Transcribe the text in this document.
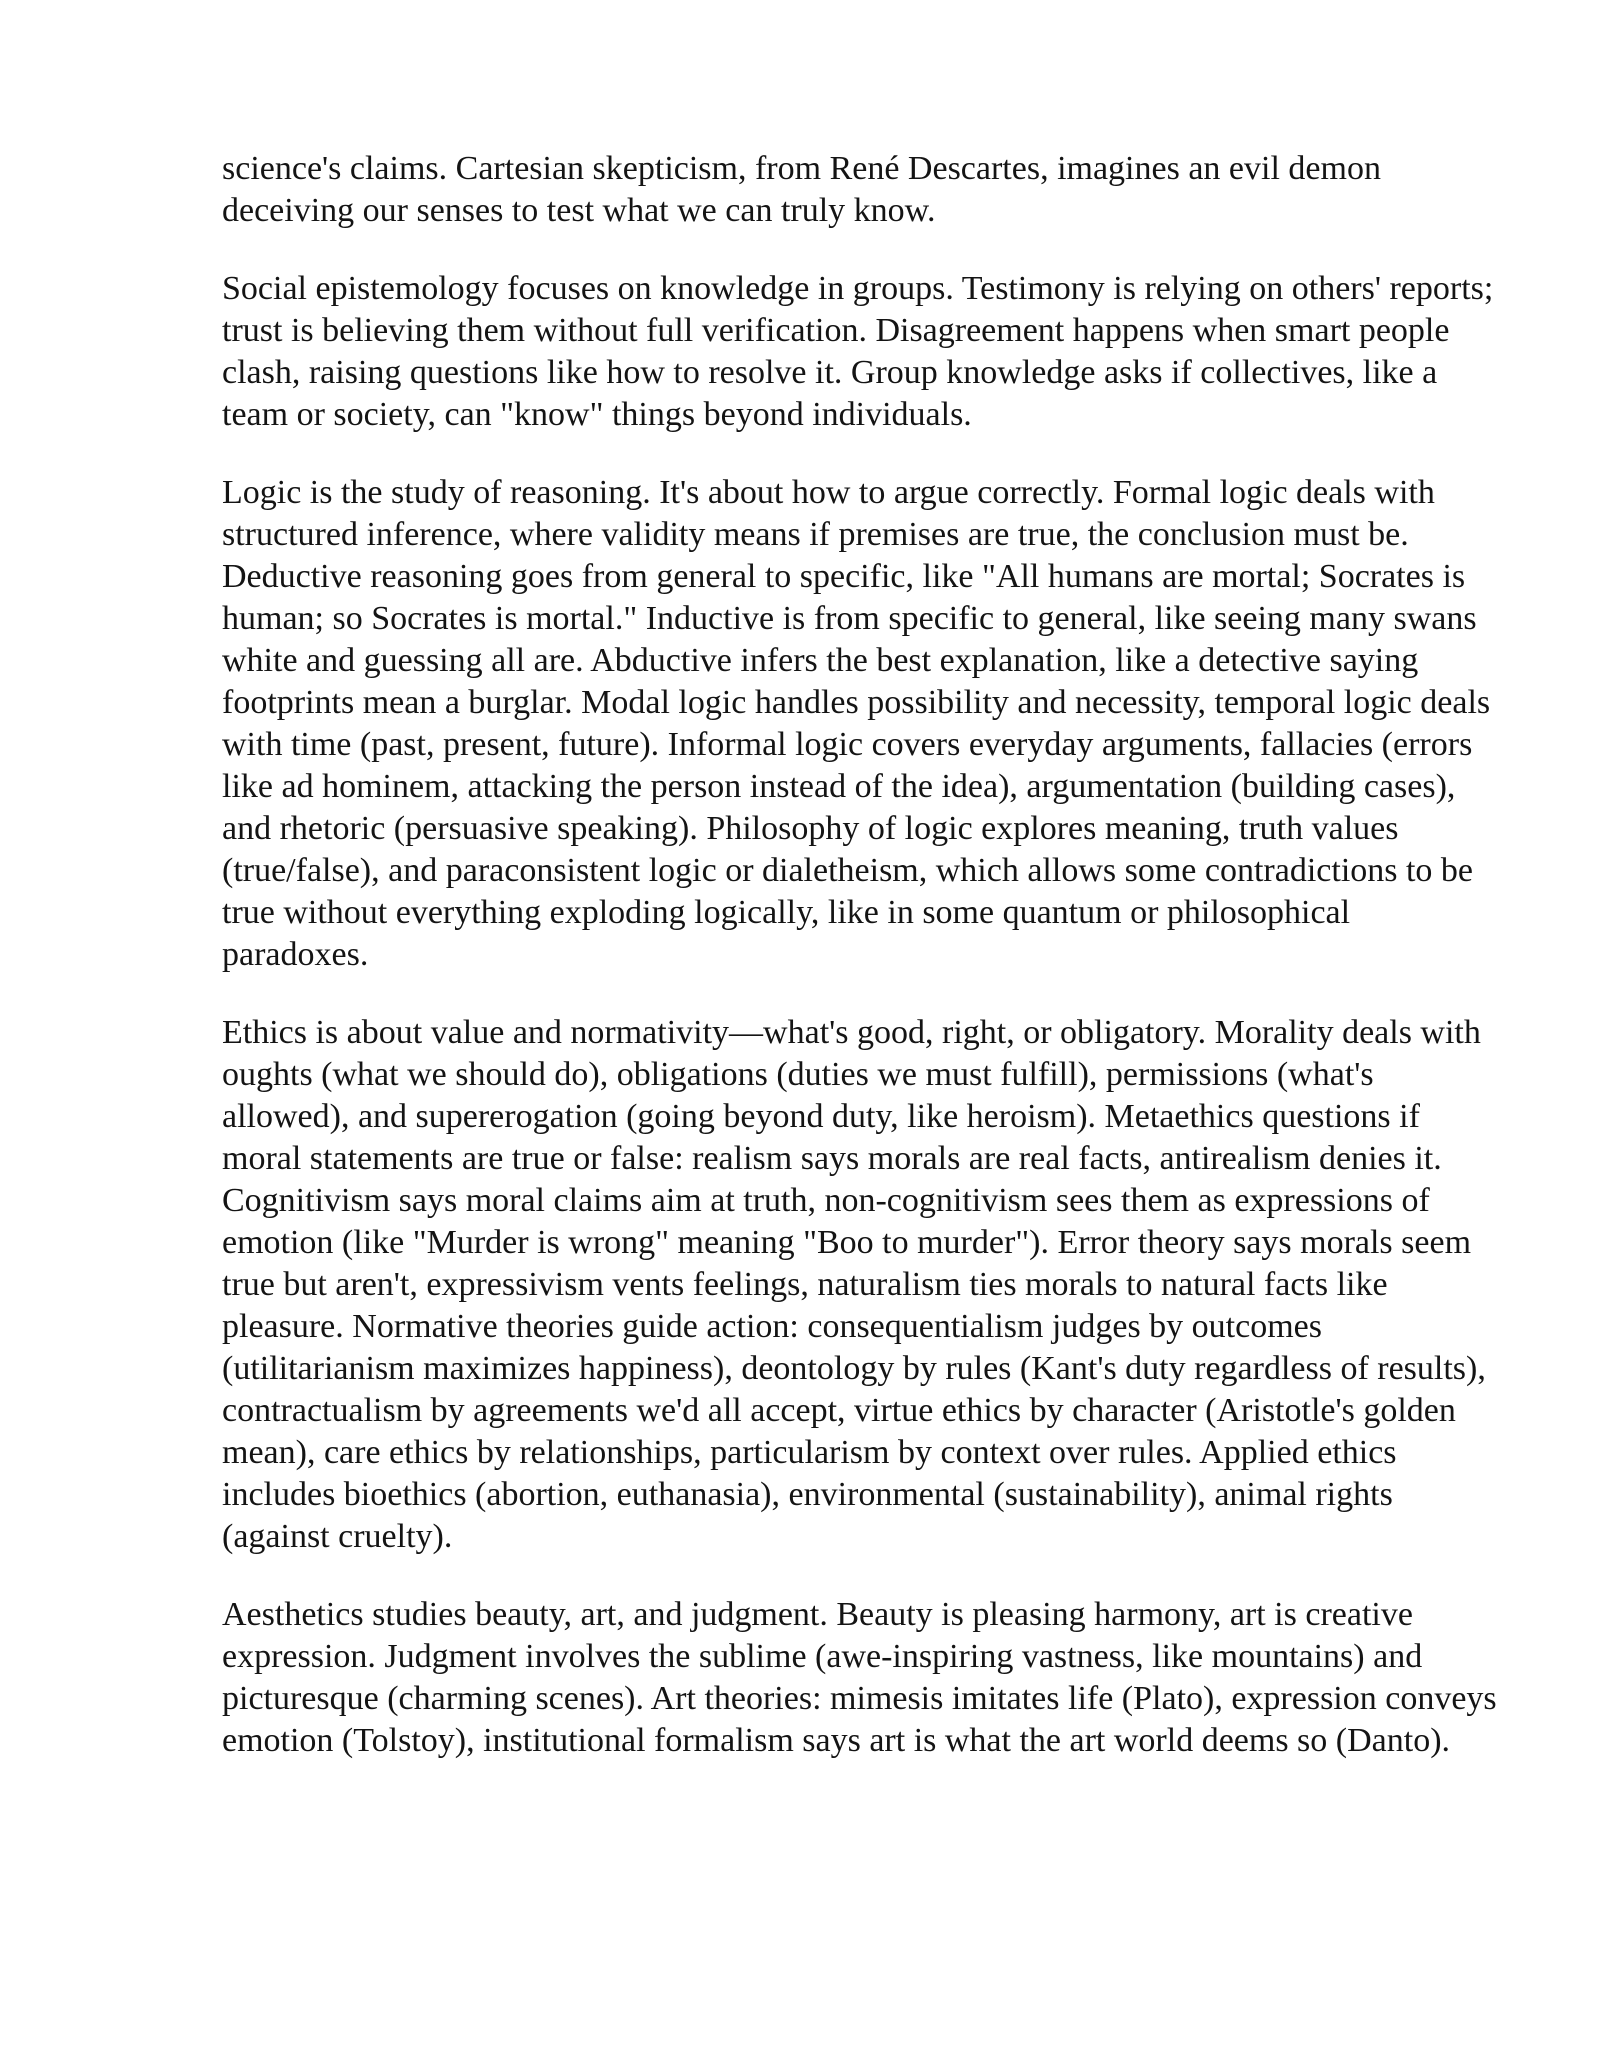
science's claims. Cartesian skepticism, from René Descartes, imagines an evil demon deceiving our senses to test what we can truly know.

Social epistemology focuses on knowledge in groups. Testimony is relying on others' reports; trust is believing them without full verification. Disagreement happens when smart people clash, raising questions like how to resolve it. Group knowledge asks if collectives, like a team or society, can "know" things beyond individuals.

Logic is the study of reasoning. It's about how to argue correctly. Formal logic deals with structured inference, where validity means if premises are true, the conclusion must be. Deductive reasoning goes from general to specific, like "All humans are mortal; Socrates is human; so Socrates is mortal." Inductive is from specific to general, like seeing many swans white and guessing all are. Abductive infers the best explanation, like a detective saying footprints mean a burglar. Modal logic handles possibility and necessity, temporal logic deals with time (past, present, future). Informal logic covers everyday arguments, fallacies (errors like ad hominem, attacking the person instead of the idea), argumentation (building cases), and rhetoric (persuasive speaking). Philosophy of logic explores meaning, truth values (true/false), and paraconsistent logic or dialetheism, which allows some contradictions to be true without everything exploding logically, like in some quantum or philosophical paradoxes.

Ethics is about value and normativity—what's good, right, or obligatory. Morality deals with oughts (what we should do), obligations (duties we must fulfill), permissions (what's allowed), and supererogation (going beyond duty, like heroism). Metaethics questions if moral statements are true or false: realism says morals are real facts, antirealism denies it. Cognitivism says moral claims aim at truth, non-cognitivism sees them as expressions of emotion (like "Murder is wrong" meaning "Boo to murder"). Error theory says morals seem true but aren't, expressivism vents feelings, naturalism ties morals to natural facts like pleasure. Normative theories guide action: consequentialism judges by outcomes (utilitarianism maximizes happiness), deontology by rules (Kant's duty regardless of results), contractualism by agreements we'd all accept, virtue ethics by character (Aristotle's golden mean), care ethics by relationships, particularism by context over rules. Applied ethics includes bioethics (abortion, euthanasia), environmental (sustainability), animal rights (against cruelty).

Aesthetics studies beauty, art, and judgment. Beauty is pleasing harmony, art is creative expression. Judgment involves the sublime (awe-inspiring vastness, like mountains) and picturesque (charming scenes). Art theories: mimesis imitates life (Plato), expression conveys emotion (Tolstoy), institutional formalism says art is what the art world deems so (Danto).
